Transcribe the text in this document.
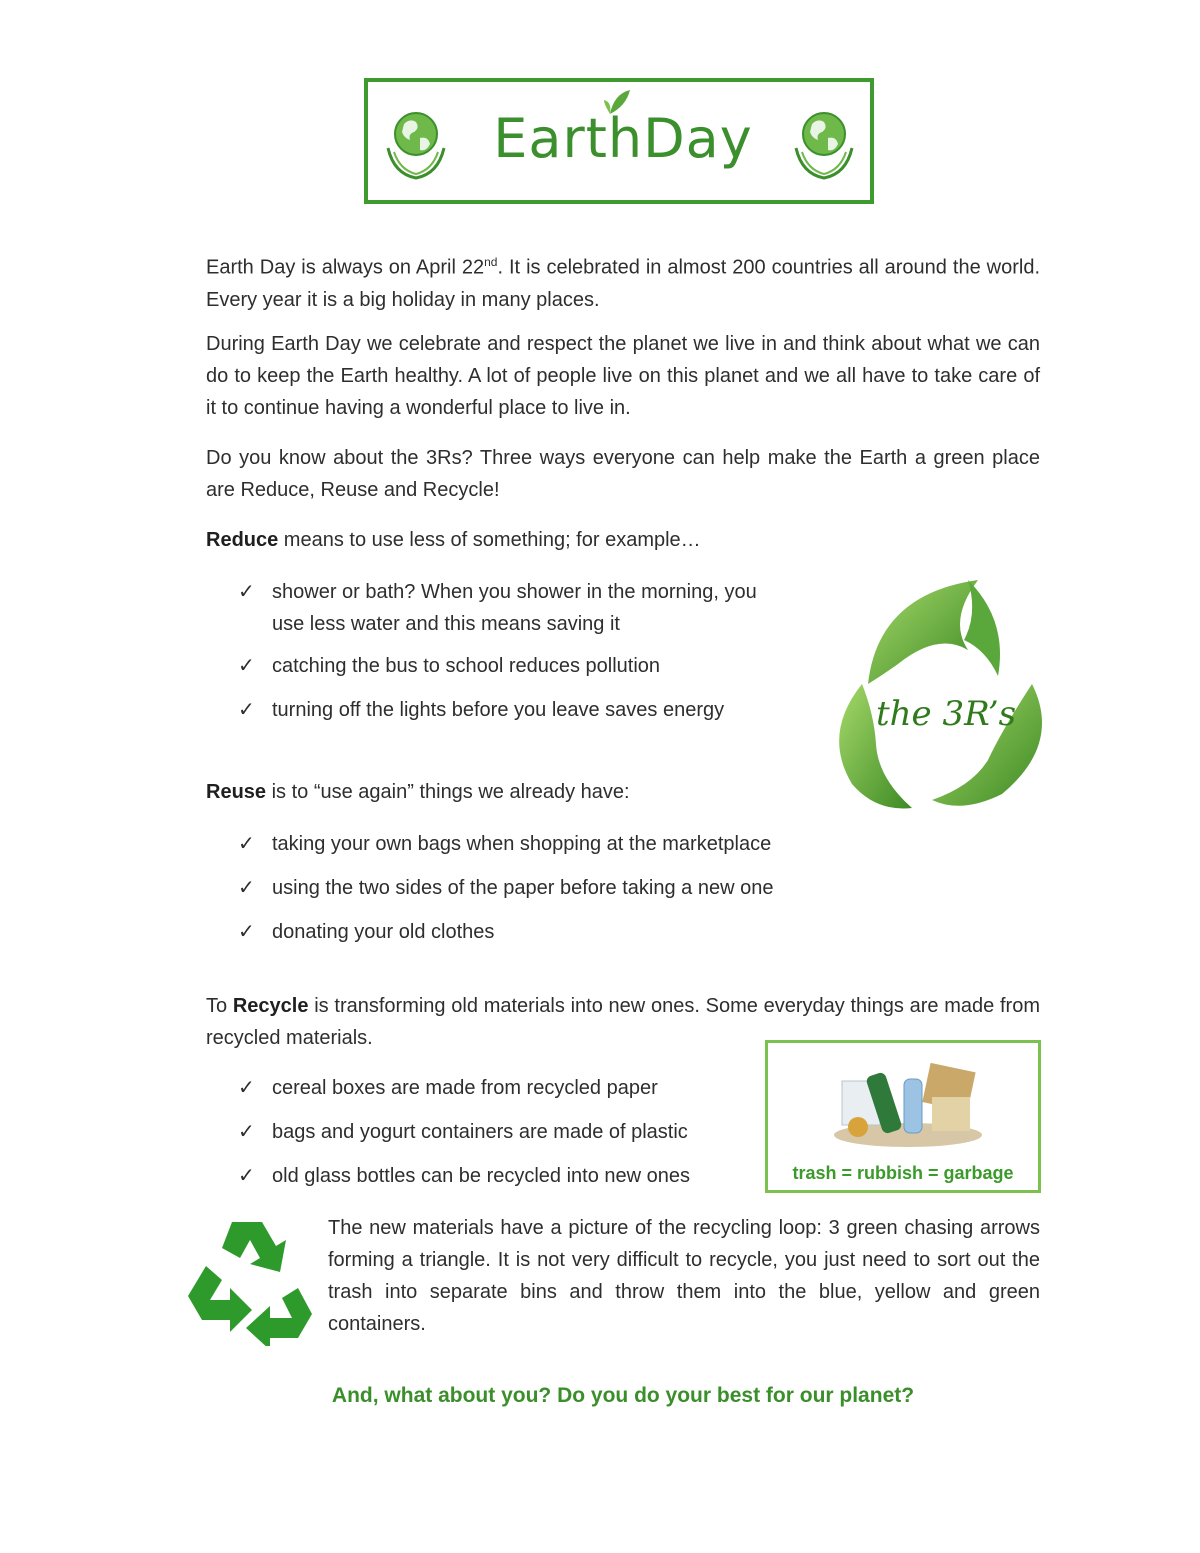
EarthDay
Earth Day is always on April 22nd. It is celebrated in almost 200 countries all around the world. Every year it is a big holiday in many places.
During Earth Day we celebrate and respect the planet we live in and think about what we can do to keep the Earth healthy. A lot of people live on this planet and we all have to take care of it to continue having a wonderful place to live in.
Do you know about the 3Rs? Three ways everyone can help make the Earth a green place are Reduce, Reuse and Recycle!
Reduce means to use less of something; for example…
✓ shower or bath? When you shower in the morning, you use less water and this means saving it
✓ catching the bus to school reduces pollution
✓ turning off the lights before you leave saves energy	the 3R’s
Reuse is to “use again” things we already have:
✓ taking your own bags when shopping at the marketplace
✓ using the two sides of the paper before taking a new one
✓ donating your old clothes
To Recycle is transforming old materials into new ones. Some everyday things are made from recycled materials.
✓ cereal boxes are made from recycled paper
✓ bags and yogurt containers are made of plastic
✓ old glass bottles can be recycled into new ones	trash = rubbish = garbage
The new materials have a picture of the recycling loop: 3 green chasing arrows forming a triangle. It is not very difficult to recycle, you just need to sort out the trash into separate bins and throw them into the blue, yellow and green containers.
And, what about you? Do you do your best for our planet?
